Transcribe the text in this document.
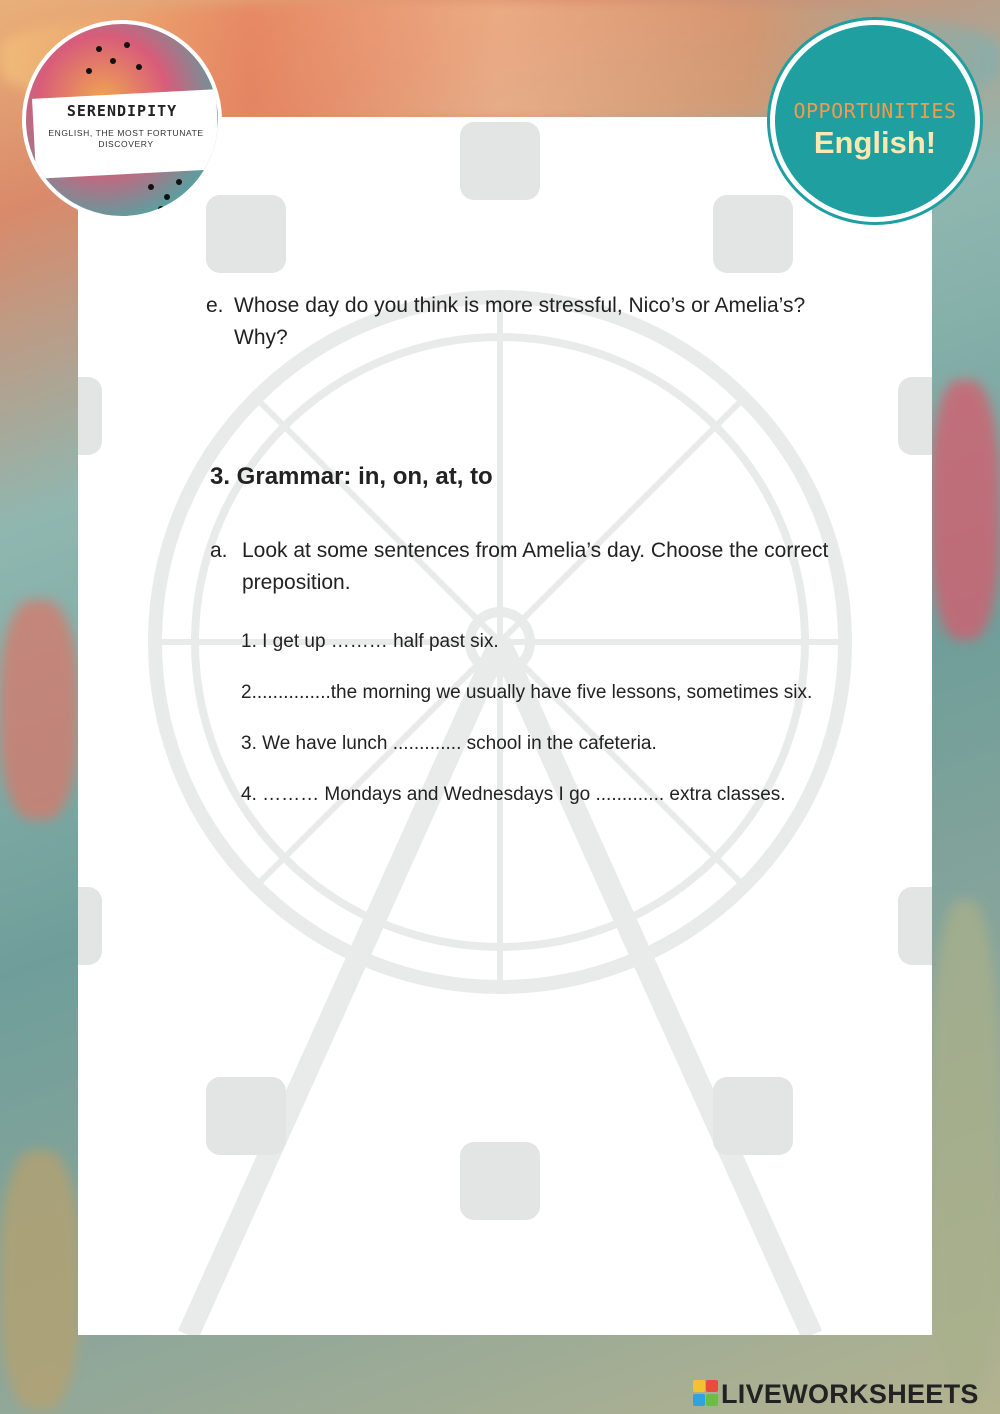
e. Whose day do you think is more stressful, Nico’s or Amelia’s?
Why?
3. Grammar: in, on, at, to
a. Look at some sentences from Amelia’s day. Choose the correct
preposition.
1. I get up ……… half past six.
2...............the morning we usually have five lessons, sometimes six.
3. We have lunch ............. school in the cafeteria.
4. ……… Mondays and Wednesdays I go ............. extra classes.
SERENDIPITY
ENGLISH, THE MOST FORTUNATE DISCOVERY
OPPORTUNITIES
English!
LIVEWORKSHEETS
